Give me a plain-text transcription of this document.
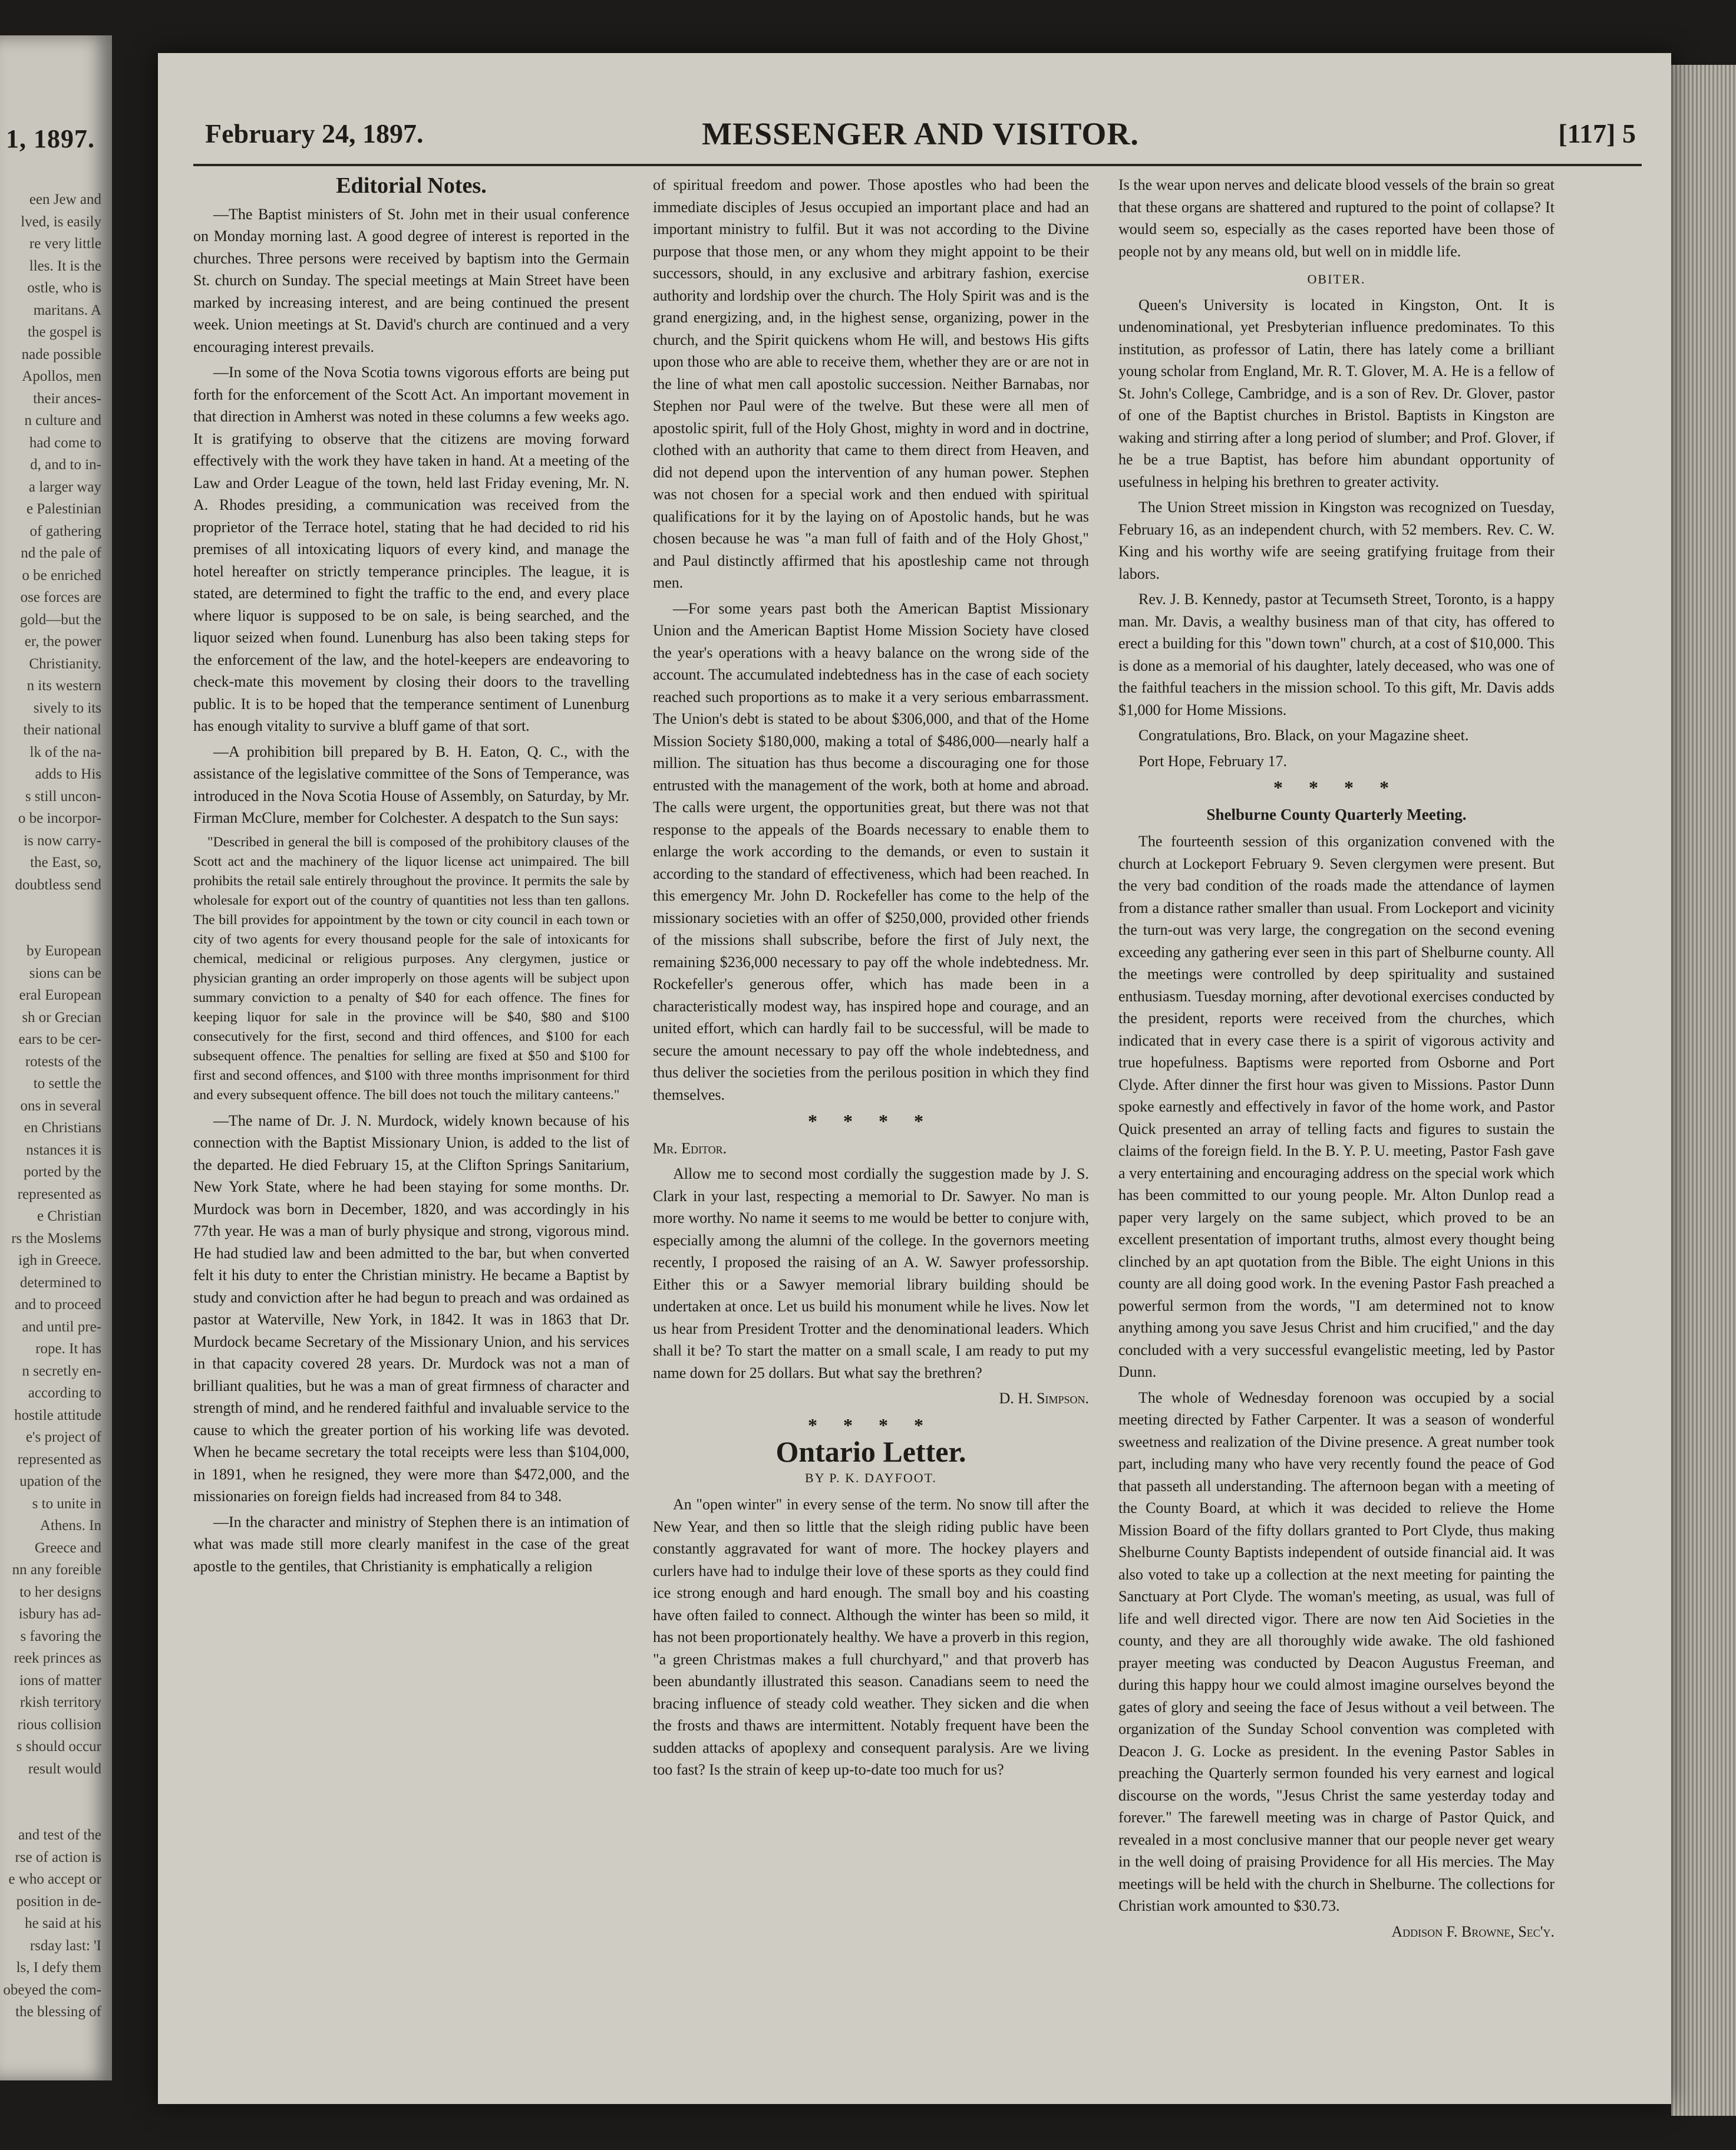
1, 1897.
een Jew and
lved, is easily
re very little
lles. It is the
ostle, who is
maritans. A
the gospel is
nade possible
Apollos, men
their ances-
n culture and
had come to
d, and to in-
a larger way
e Palestinian
of gathering
nd the pale of
o be enriched
ose forces are
gold—but the
er, the power
Christianity.
n its western
sively to its
their national
lk of the na-
adds to His
s still uncon-
o be incorpor-
is now carry-
the East, so,
doubtless send

by European
sions can be
eral European
sh or Grecian
ears to be cer-
rotests of the
to settle the
ons in several
en Christians
nstances it is
ported by the
represented as
e Christian
rs the Moslems
igh in Greece.
determined to
and to proceed
and until pre-
rope. It has
n secretly en-
according to
hostile attitude
e's project of
represented as
upation of the
s to unite in
Athens. In
Greece and
nn any foreible
to her designs
isbury has ad-
s favoring the
reek princes as
ions of matter
rkish territory
rious collision
s should occur
result would

and test of the
rse of action is
e who accept or
position in de-
he said at his
rsday last: 'I
ls, I defy them
obeyed the com-
the blessing of
MESSENGER AND VISITOR.
February 24, 1897.	[117] 5
Editorial Notes.

—The Baptist ministers of St. John met in their usual conference on Monday morning last. A good degree of interest is reported in the churches. Three persons were received by baptism into the Germain St. church on Sunday. The special meetings at Main Street have been marked by increasing interest, and are being continued the present week. Union meetings at St. David's church are continued and a very encouraging interest prevails.

—In some of the Nova Scotia towns vigorous efforts are being put forth for the enforcement of the Scott Act. An important movement in that direction in Amherst was noted in these columns a few weeks ago. It is gratifying to observe that the citizens are moving forward effectively with the work they have taken in hand. At a meeting of the Law and Order League of the town, held last Friday evening, Mr. N. A. Rhodes presiding, a communication was received from the proprietor of the Terrace hotel, stating that he had decided to rid his premises of all intoxicating liquors of every kind, and manage the hotel hereafter on strictly temperance principles. The league, it is stated, are determined to fight the traffic to the end, and every place where liquor is supposed to be on sale, is being searched, and the liquor seized when found. Lunenburg has also been taking steps for the enforcement of the law, and the hotel-keepers are endeavoring to check-mate this movement by closing their doors to the travelling public. It is to be hoped that the temperance sentiment of Lunenburg has enough vitality to survive a bluff game of that sort.

—A prohibition bill prepared by B. H. Eaton, Q. C., with the assistance of the legislative committee of the Sons of Temperance, was introduced in the Nova Scotia House of Assembly, on Saturday, by Mr. Firman McClure, member for Colchester. A despatch to the Sun says:

"Described in general the bill is composed of the prohibitory clauses of the Scott act and the machinery of the liquor license act unimpaired. The bill prohibits the retail sale entirely throughout the province. It permits the sale by wholesale for export out of the country of quantities not less than ten gallons. The bill provides for appointment by the town or city council in each town or city of two agents for every thousand people for the sale of intoxicants for chemical, medicinal or religious purposes. Any clergymen, justice or physician granting an order improperly on those agents will be subject upon summary conviction to a penalty of $40 for each offence. The fines for keeping liquor for sale in the province will be $40, $80 and $100 consecutively for the first, second and third offences, and $100 for each subsequent offence. The penalties for selling are fixed at $50 and $100 for first and second offences, and $100 with three months imprisonment for third and every subsequent offence. The bill does not touch the military canteens."

—The name of Dr. J. N. Murdock, widely known because of his connection with the Baptist Missionary Union, is added to the list of the departed. He died February 15, at the Clifton Springs Sanitarium, New York State, where he had been staying for some months. Dr. Murdock was born in December, 1820, and was accordingly in his 77th year. He was a man of burly physique and strong, vigorous mind. He had studied law and been admitted to the bar, but when converted felt it his duty to enter the Christian ministry. He became a Baptist by study and conviction after he had begun to preach and was ordained as pastor at Waterville, New York, in 1842. It was in 1863 that Dr. Murdock became Secretary of the Missionary Union, and his services in that capacity covered 28 years. Dr. Murdock was not a man of brilliant qualities, but he was a man of great firmness of character and strength of mind, and he rendered faithful and invaluable service to the cause to which the greater portion of his working life was devoted. When he became secretary the total receipts were less than $104,000, in 1891, when he resigned, they were more than $472,000, and the missionaries on foreign fields had increased from 84 to 348.

—In the character and ministry of Stephen there is an intimation of what was made still more clearly manifest in the case of the great apostle to the gentiles, that Christianity is emphatically a religion

of spiritual freedom and power. Those apostles who had been the immediate disciples of Jesus occupied an important place and had an important ministry to fulfil. But it was not according to the Divine purpose that those men, or any whom they might appoint to be their successors, should, in any exclusive and arbitrary fashion, exercise authority and lordship over the church. The Holy Spirit was and is the grand energizing, and, in the highest sense, organizing, power in the church, and the Spirit quickens whom He will, and bestows His gifts upon those who are able to receive them, whether they are or are not in the line of what men call apostolic succession. Neither Barnabas, nor Stephen nor Paul were of the twelve. But these were all men of apostolic spirit, full of the Holy Ghost, mighty in word and in doctrine, clothed with an authority that came to them direct from Heaven, and did not depend upon the intervention of any human power. Stephen was not chosen for a special work and then endued with spiritual qualifications for it by the laying on of Apostolic hands, but he was chosen because he was "a man full of faith and of the Holy Ghost," and Paul distinctly affirmed that his apostleship came not through men.

—For some years past both the American Baptist Missionary Union and the American Baptist Home Mission Society have closed the year's operations with a heavy balance on the wrong side of the account. The accumulated indebtedness has in the case of each society reached such proportions as to make it a very serious embarrassment. The Union's debt is stated to be about $306,000, and that of the Home Mission Society $180,000, making a total of $486,000—nearly half a million. The situation has thus become a discouraging one for those entrusted with the management of the work, both at home and abroad. The calls were urgent, the opportunities great, but there was not that response to the appeals of the Boards necessary to enable them to enlarge the work according to the demands, or even to sustain it according to the standard of effectiveness, which had been reached. In this emergency Mr. John D. Rockefeller has come to the help of the missionary societies with an offer of $250,000, provided other friends of the missions shall subscribe, before the first of July next, the remaining $236,000 necessary to pay off the whole indebtedness. Mr. Rockefeller's generous offer, which has made been in a characteristically modest way, has inspired hope and courage, and an united effort, which can hardly fail to be successful, will be made to secure the amount necessary to pay off the whole indebtedness, and thus deliver the societies from the perilous position in which they find themselves.

* * * *

Mr. Editor.

Allow me to second most cordially the suggestion made by J. S. Clark in your last, respecting a memorial to Dr. Sawyer. No man is more worthy. No name it seems to me would be better to conjure with, especially among the alumni of the college. In the governors meeting recently, I proposed the raising of an A. W. Sawyer professorship. Either this or a Sawyer memorial library building should be undertaken at once. Let us build his monument while he lives. Now let us hear from President Trotter and the denominational leaders. Which shall it be? To start the matter on a small scale, I am ready to put my name down for 25 dollars. But what say the brethren?

D. H. Simpson.

* * * *
Ontario Letter.
BY P. K. DAYFOOT.

An "open winter" in every sense of the term. No snow till after the New Year, and then so little that the sleigh riding public have been constantly aggravated for want of more. The hockey players and curlers have had to indulge their love of these sports as they could find ice strong enough and hard enough. The small boy and his coasting have often failed to connect. Although the winter has been so mild, it has not been proportionately healthy. We have a proverb in this region, "a green Christmas makes a full churchyard," and that proverb has been abundantly illustrated this season. Canadians seem to need the bracing influence of steady cold weather. They sicken and die when the frosts and thaws are intermittent. Notably frequent have been the sudden attacks of apoplexy and consequent paralysis. Are we living too fast? Is the strain of keep up-to-date too much for us?

Is the wear upon nerves and delicate blood vessels of the brain so great that these organs are shattered and ruptured to the point of collapse? It would seem so, especially as the cases reported have been those of people not by any means old, but well on in middle life.

OBITER.

Queen's University is located in Kingston, Ont. It is undenominational, yet Presbyterian influence predominates. To this institution, as professor of Latin, there has lately come a brilliant young scholar from England, Mr. R. T. Glover, M. A. He is a fellow of St. John's College, Cambridge, and is a son of Rev. Dr. Glover, pastor of one of the Baptist churches in Bristol. Baptists in Kingston are waking and stirring after a long period of slumber; and Prof. Glover, if he be a true Baptist, has before him abundant opportunity of usefulness in helping his brethren to greater activity.

The Union Street mission in Kingston was recognized on Tuesday, February 16, as an independent church, with 52 members. Rev. C. W. King and his worthy wife are seeing gratifying fruitage from their labors.

Rev. J. B. Kennedy, pastor at Tecumseth Street, Toronto, is a happy man. Mr. Davis, a wealthy business man of that city, has offered to erect a building for this "down town" church, at a cost of $10,000. This is done as a memorial of his daughter, lately deceased, who was one of the faithful teachers in the mission school. To this gift, Mr. Davis adds $1,000 for Home Missions.

Congratulations, Bro. Black, on your Magazine sheet.

Port Hope, February 17.

* * * *
Shelburne County Quarterly Meeting.

The fourteenth session of this organization convened with the church at Lockeport February 9. Seven clergymen were present. But the very bad condition of the roads made the attendance of laymen from a distance rather smaller than usual. From Lockeport and vicinity the turn-out was very large, the congregation on the second evening exceeding any gathering ever seen in this part of Shelburne county. All the meetings were controlled by deep spirituality and sustained enthusiasm. Tuesday morning, after devotional exercises conducted by the president, reports were received from the churches, which indicated that in every case there is a spirit of vigorous activity and true hopefulness. Baptisms were reported from Osborne and Port Clyde. After dinner the first hour was given to Missions. Pastor Dunn spoke earnestly and effectively in favor of the home work, and Pastor Quick presented an array of telling facts and figures to sustain the claims of the foreign field. In the B. Y. P. U. meeting, Pastor Fash gave a very entertaining and encouraging address on the special work which has been committed to our young people. Mr. Alton Dunlop read a paper very largely on the same subject, which proved to be an excellent presentation of important truths, almost every thought being clinched by an apt quotation from the Bible. The eight Unions in this county are all doing good work. In the evening Pastor Fash preached a powerful sermon from the words, "I am determined not to know anything among you save Jesus Christ and him crucified," and the day concluded with a very successful evangelistic meeting, led by Pastor Dunn.

The whole of Wednesday forenoon was occupied by a social meeting directed by Father Carpenter. It was a season of wonderful sweetness and realization of the Divine presence. A great number took part, including many who have very recently found the peace of God that passeth all understanding. The afternoon began with a meeting of the County Board, at which it was decided to relieve the Home Mission Board of the fifty dollars granted to Port Clyde, thus making Shelburne County Baptists independent of outside financial aid. It was also voted to take up a collection at the next meeting for painting the Sanctuary at Port Clyde. The woman's meeting, as usual, was full of life and well directed vigor. There are now ten Aid Societies in the county, and they are all thoroughly wide awake. The old fashioned prayer meeting was conducted by Deacon Augustus Freeman, and during this happy hour we could almost imagine ourselves beyond the gates of glory and seeing the face of Jesus without a veil between. The organization of the Sunday School convention was completed with Deacon J. G. Locke as president. In the evening Pastor Sables in preaching the Quarterly sermon founded his very earnest and logical discourse on the words, "Jesus Christ the same yesterday today and forever." The farewell meeting was in charge of Pastor Quick, and revealed in a most conclusive manner that our people never get weary in the well doing of praising Providence for all His mercies. The May meetings will be held with the church in Shelburne. The collections for Christian work amounted to $30.73.

Addison F. Browne, Sec'y.
